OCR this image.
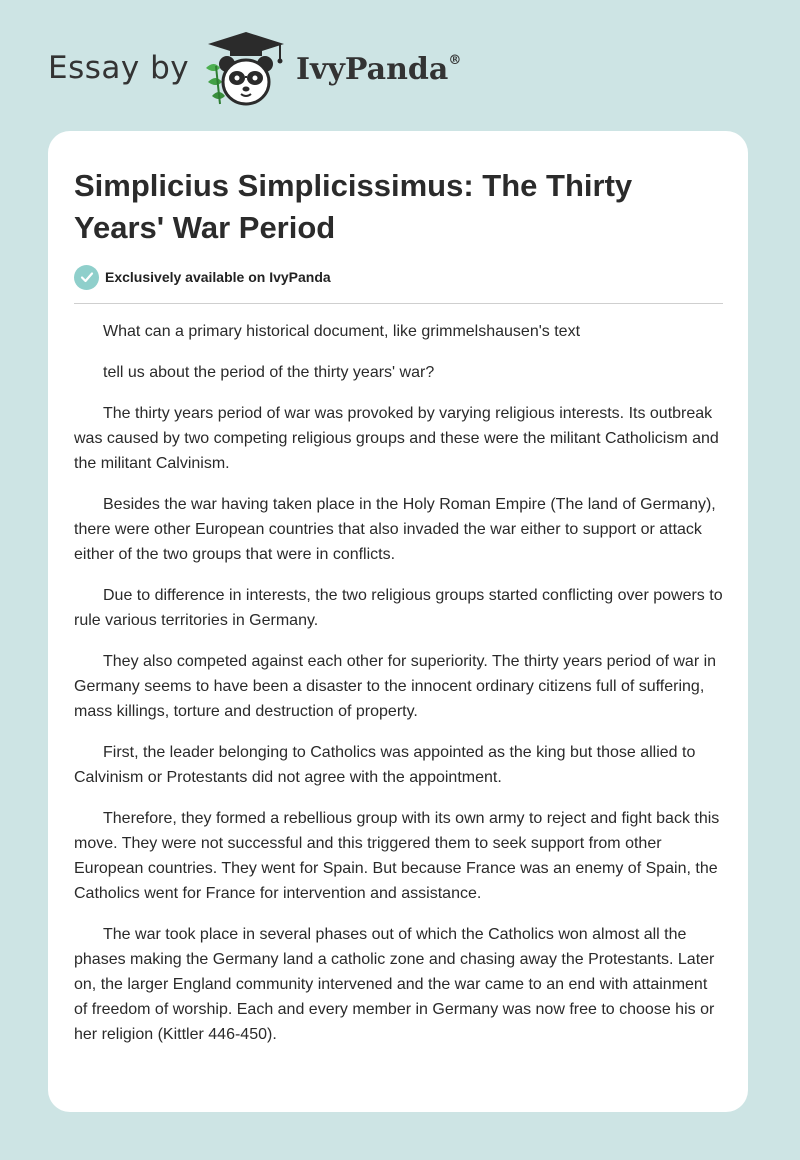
Essay by	IvyPanda®
Simplicius Simplicissimus: The Thirty Years' War Period
Exclusively available on IvyPanda

What can a primary historical document, like grimmelshausen's text

tell us about the period of the thirty years' war?

The thirty years period of war was provoked by varying religious interests. Its outbreak was caused by two competing religious groups and these were the militant Catholicism and the militant Calvinism.

Besides the war having taken place in the Holy Roman Empire (The land of Germany), there were other European countries that also invaded the war either to support or attack either of the two groups that were in conflicts.

Due to difference in interests, the two religious groups started conflicting over powers to rule various territories in Germany.

They also competed against each other for superiority. The thirty years period of war in Germany seems to have been a disaster to the innocent ordinary citizens full of suffering, mass killings, torture and destruction of property.

First, the leader belonging to Catholics was appointed as the king but those allied to Calvinism or Protestants did not agree with the appointment.

Therefore, they formed a rebellious group with its own army to reject and fight back this move. They were not successful and this triggered them to seek support from other European countries. They went for Spain. But because France was an enemy of Spain, the Catholics went for France for intervention and assistance.

The war took place in several phases out of which the Catholics won almost all the phases making the Germany land a catholic zone and chasing away the Protestants. Later on, the larger England community intervened and the war came to an end with attainment of freedom of worship. Each and every member in Germany was now free to choose his or her religion (Kittler 446-450).
